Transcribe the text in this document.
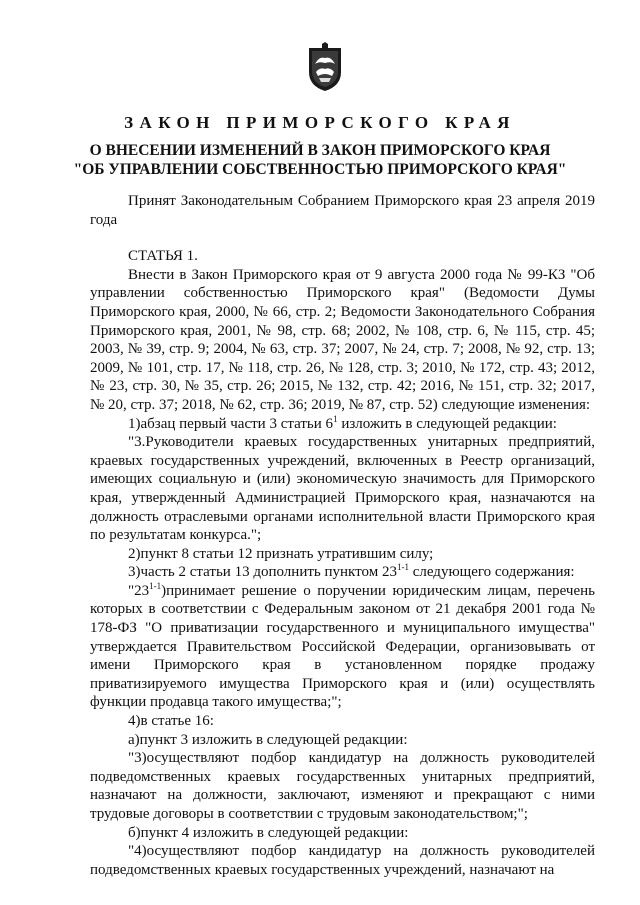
ЗАКОН ПРИМОРСКОГО КРАЯ
О ВНЕСЕНИИ ИЗМЕНЕНИЙ В ЗАКОН ПРИМОРСКОГО КРАЯ
"ОБ УПРАВЛЕНИИ СОБСТВЕННОСТЬЮ ПРИМОРСКОГО КРАЯ"

Принят Законодательным Собранием Приморского края 23 апреля 2019 года

СТАТЬЯ 1.

Внести в Закон Приморского края от 9 августа 2000 года № 99-КЗ "Об управлении собственностью Приморского края" (Ведомости Думы Приморского края, 2000, № 66, стр. 2; Ведомости Законодательного Собрания Приморского края, 2001, № 98, стр. 68; 2002, № 108, стр. 6, № 115, стр. 45; 2003, № 39, стр. 9; 2004, № 63, стр. 37; 2007, № 24, стр. 7; 2008, № 92, стр. 13; 2009, № 101, стр. 17, № 118, стр. 26, № 128, стр. 3; 2010, № 172, стр. 43; 2012, № 23, стр. 30, № 35, стр. 26; 2015, № 132, стр. 42; 2016, № 151, стр. 32; 2017, № 20, стр. 37; 2018, № 62, стр. 36; 2019, № 87, стр. 52) следующие изменения:

1)абзац первый части 3 статьи $6^1$ изложить в следующей редакции:

"3.Руководители краевых государственных унитарных предприятий, краевых государственных учреждений, включенных в Реестр организаций, имеющих социальную и (или) экономическую значимость для Приморского края, утвержденный Администрацией Приморского края, назначаются на должность отраслевыми органами исполнительной власти Приморского края по результатам конкурса.";

2)пункт 8 статьи 12 признать утратившим силу;

3)часть 2 статьи 13 дополнить пунктом 23$^{1-1}$ следующего содержания:

"23$^{1-1}$)принимает решение о поручении юридическим лицам, перечень которых в соответствии с Федеральным законом от 21 декабря 2001 года № 178-ФЗ "О приватизации государственного и муниципального имущества" утверждается Правительством Российской Федерации, организовывать от имени Приморского края в установленном порядке продажу приватизируемого имущества Приморского края и (или) осуществлять функции продавца такого имущества;";

4)в статье 16:

а)пункт 3 изложить в следующей редакции:

"3)осуществляют подбор кандидатур на должность руководителей подведомственных краевых государственных унитарных предприятий, назначают на должности, заключают, изменяют и прекращают с ними трудовые договоры в соответствии с трудовым законодательством;";

б)пункт 4 изложить в следующей редакции:

"4)осуществляют подбор кандидатур на должность руководителей подведомственных краевых государственных учреждений, назначают на
